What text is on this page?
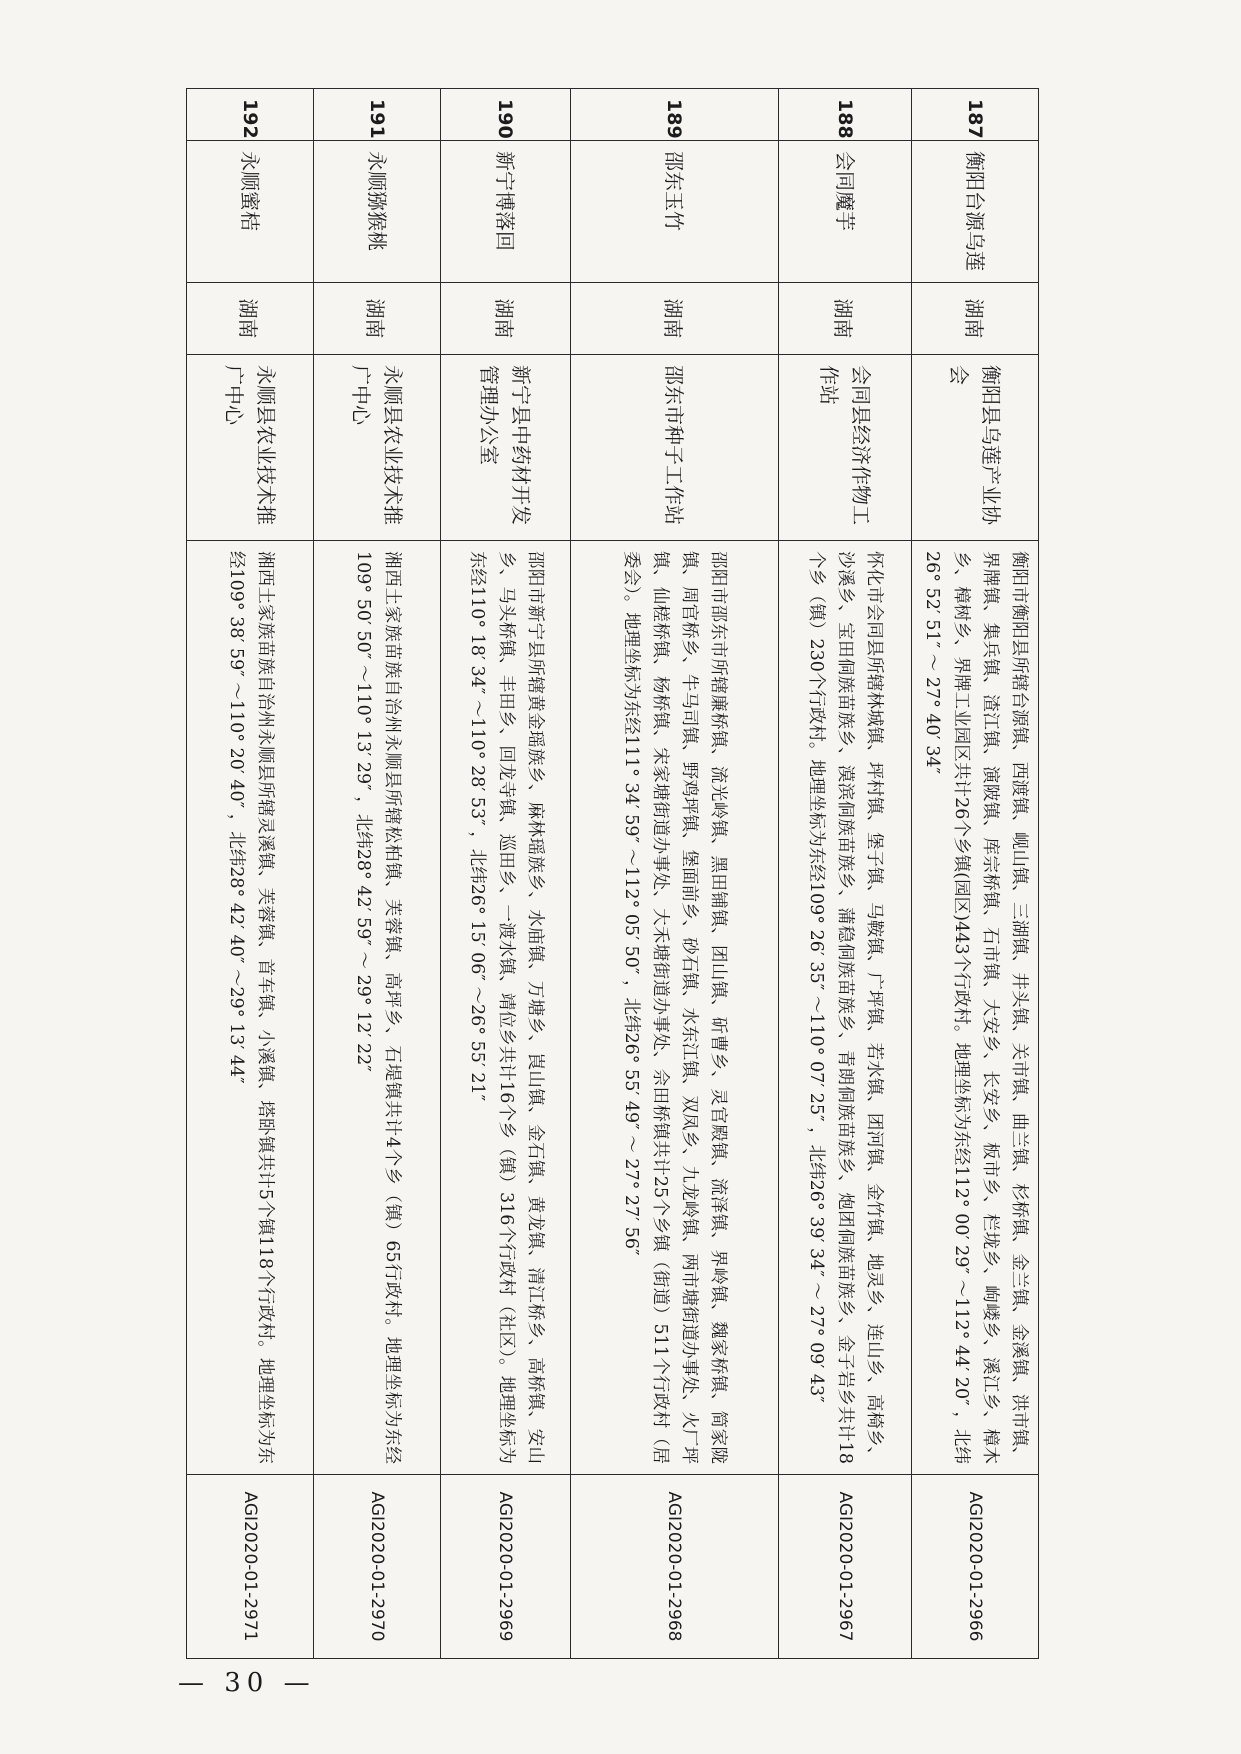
187	衡阳台源乌莲	湖南	衡阳县乌莲产业协会	衡阳市衡阳县所辖台源镇、西渡镇、岘山镇、三湖镇、井头镇、关市镇、曲兰镇、杉桥镇、金兰镇、金溪镇、洪市镇、界牌镇、集兵镇、渣江镇、演陂镇、库宗桥镇、石市镇、大安乡、长安乡、板市乡、栏垅乡、岣嵝乡、溪江乡、樟木乡、樟树乡、界牌工业园区共计26个乡镇(园区)443个行政村。地理坐标为东经112° 00′ 29″ ～112° 44′ 20″ ，北纬26° 52′ 51″ ～ 27° 40′ 34″	AGI2020-01-2966
188	会同魔芋	湖南	会同县经济作物工作站	怀化市会同县所辖林城镇、坪村镇、堡子镇、马鞍镇、广坪镇、若水镇、团河镇、金竹镇、地灵乡、连山乡、高椅乡、沙溪乡、宝田侗族苗族乡、漠滨侗族苗族乡、蒲稳侗族苗族乡、青朗侗族苗族乡、炮团侗族苗族乡、金子岩乡共计18个乡（镇）230个行政村。地理坐标为东经109° 26′ 35″ ～110° 07′ 25″ ，北纬26° 39′ 34″ ～ 27° 09′ 43″	AGI2020-01-2967
189	邵东玉竹	湖南	邵东市种子工作站	邵阳市邵东市所辖廉桥镇、流光岭镇、黑田铺镇、团山镇、斫曹乡、灵官殿镇、流泽镇、界岭镇、魏家桥镇、简家陇镇、周官桥乡、牛马司镇、野鸡坪镇、堡面前乡、砂石镇、水东江镇、双凤乡、九龙岭镇、两市塘街道办事处、火厂坪镇、仙槎桥镇、杨桥镇、宋家塘街道办事处、大禾塘街道办事处、佘田桥镇共计25个乡镇（街道）511个行政村（居委会）。地理坐标为东经111° 34′ 59″ ～112° 05′ 50″ ，北纬26° 55′ 49″ ～ 27° 27′ 56″	AGI2020-01-2968
190	新宁博落回	湖南	新宁县中药材开发管理办公室	邵阳市新宁县所辖黄金瑶族乡、麻林瑶族乡、水庙镇、万塘乡、崀山镇、金石镇、黄龙镇、清江桥乡、高桥镇、安山乡、马头桥镇、丰田乡、回龙寺镇、巡田乡、一渡水镇、靖位乡共计16个乡（镇）316个行政村（社区）。地理坐标为东经110° 18′ 34″ ～110° 28′ 53″ ，北纬26° 15′ 06″ ～26° 55′ 21″	AGI2020-01-2969
191	永顺猕猴桃	湖南	永顺县农业技术推广中心	湘西土家族苗族自治州永顺县所辖松柏镇、芙蓉镇、高坪乡、石堤镇共计4个乡（镇）65行政村。地理坐标为东经109° 50′ 50″ ～110° 13′ 29″ ，北纬28° 42′ 59″ ～ 29° 12′ 22″	AGI2020-01-2970
192	永顺蜜桔	湖南	永顺县农业技术推广中心	湘西土家族苗族自治州永顺县所辖灵溪镇、芙蓉镇、首车镇、小溪镇、塔卧镇共计5个镇118个行政村。地理坐标为东经109° 38′ 59″ ～110° 20′ 40″ ，北纬28° 42′ 40″ ～29° 13′ 44″	AGI2020-01-2971
— 30 —
